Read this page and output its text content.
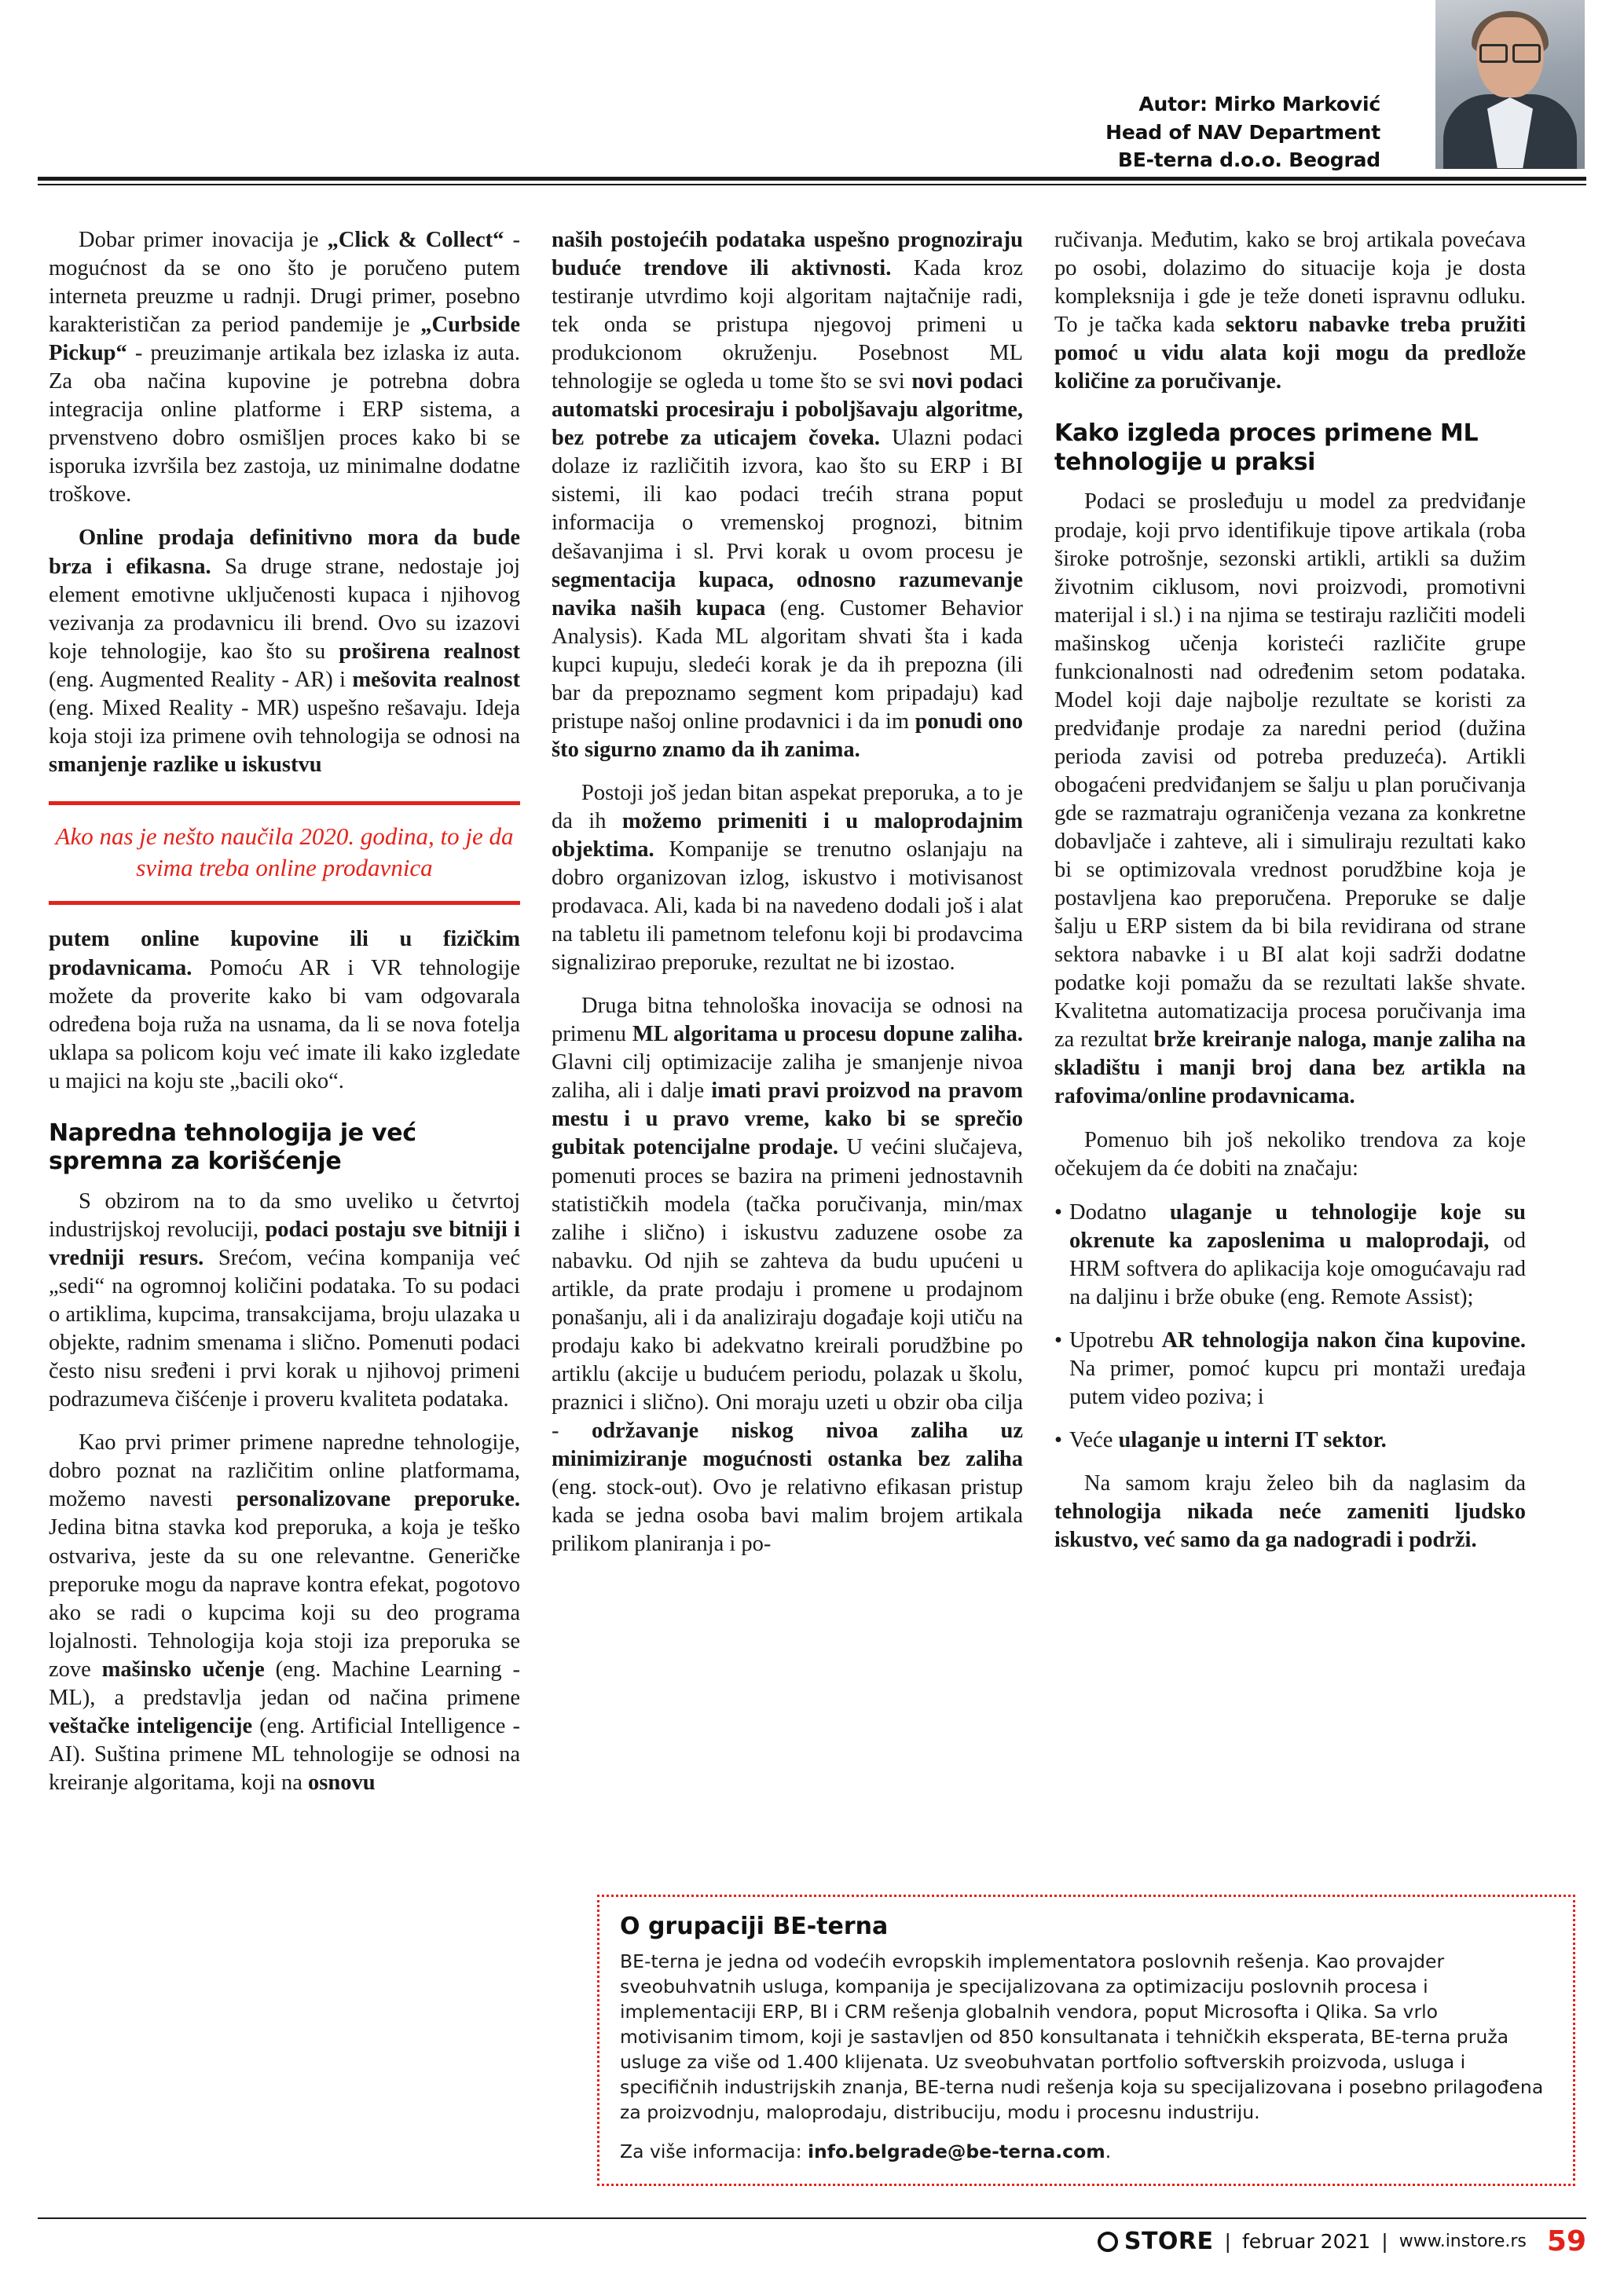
Autor: Mirko Marković
Head of NAV Department
BE-terna d.o.o. Beograd

Dobar primer inovacija je „Click & Collect“ - mogućnost da se ono što je poručeno putem interneta preuzme u radnji. Drugi primer, posebno karakterističan za period pandemije je „Curbside Pickup“ - preuzimanje artikala bez izlaska iz auta. Za oba načina kupovine je potrebna dobra integracija online platforme i ERP sistema, a prvenstveno dobro osmišljen proces kako bi se isporuka izvršila bez zastoja, uz minimalne dodatne troškove.

Online prodaja definitivno mora da bude brza i efikasna. Sa druge strane, nedostaje joj element emotivne uključenosti kupaca i njihovog vezivanja za prodavnicu ili brend. Ovo su izazovi koje tehnologije, kao što su proširena realnost (eng. Augmented Reality - AR) i mešovita realnost (eng. Mixed Reality - MR) uspešno rešavaju. Ideja koja stoji iza primene ovih tehnologija se odnosi na smanjenje razlike u iskustvu

Ako nas je nešto naučila 2020. godina, to je da svima treba online prodavnica

putem online kupovine ili u fizičkim prodavnicama. Pomoću AR i VR tehnologije možete da proverite kako bi vam odgovarala određena boja ruža na usnama, da li se nova fotelja uklapa sa policom koju već imate ili kako izgledate u majici na koju ste „bacili oko“.

Napredna tehnologija je već spremna za korišćenje

S obzirom na to da smo uveliko u četvrtoj industrijskoj revoluciji, podaci postaju sve bitniji i vredniji resurs. Srećom, većina kompanija već „sedi“ na ogromnoj količini podataka. To su podaci o artiklima, kupcima, transakcijama, broju ulazaka u objekte, radnim smenama i slično. Pomenuti podaci često nisu sređeni i prvi korak u njihovoj primeni podrazumeva čišćenje i proveru kvaliteta podataka.

Kao prvi primer primene napredne tehnologije, dobro poznat na različitim online platformama, možemo navesti personalizovane preporuke. Jedina bitna stavka kod preporuka, a koja je teško ostvariva, jeste da su one relevantne. Generičke preporuke mogu da naprave kontra efekat, pogotovo ako se radi o kupcima koji su deo programa lojalnosti. Tehnologija koja stoji iza preporuka se zove mašinsko učenje (eng. Machine Learning - ML), a predstavlja jedan od načina primene veštačke inteligencije (eng. Artificial Intelligence - AI). Suština primene ML tehnologije se odnosi na kreiranje algoritama, koji na osnovu

naših postojećih podataka uspešno prognoziraju buduće trendove ili aktivnosti. Kada kroz testiranje utvrdimo koji algoritam najtačnije radi, tek onda se pristupa njegovoj primeni u produkcionom okruženju. Posebnost ML tehnologije se ogleda u tome što se svi novi podaci automatski procesiraju i poboljšavaju algoritme, bez potrebe za uticajem čoveka. Ulazni podaci dolaze iz različitih izvora, kao što su ERP i BI sistemi, ili kao podaci trećih strana poput informacija o vremenskoj prognozi, bitnim dešavanjima i sl. Prvi korak u ovom procesu je segmentacija kupaca, odnosno razumevanje navika naših kupaca (eng. Customer Behavior Analysis). Kada ML algoritam shvati šta i kada kupci kupuju, sledeći korak je da ih prepozna (ili bar da prepoznamo segment kom pripadaju) kad pristupe našoj online prodavnici i da im ponudi ono što sigurno znamo da ih zanima.

Postoji još jedan bitan aspekat preporuka, a to je da ih možemo primeniti i u maloprodajnim objektima. Kompanije se trenutno oslanjaju na dobro organizovan izlog, iskustvo i motivisanost prodavaca. Ali, kada bi na navedeno dodali još i alat na tabletu ili pametnom telefonu koji bi prodavcima signalizirao preporuke, rezultat ne bi izostao.

Druga bitna tehnološka inovacija se odnosi na primenu ML algoritama u procesu dopune zaliha. Glavni cilj optimizacije zaliha je smanjenje nivoa zaliha, ali i dalje imati pravi proizvod na pravom mestu i u pravo vreme, kako bi se sprečio gubitak potencijalne prodaje. U većini slučajeva, pomenuti proces se bazira na primeni jednostavnih statističkih modela (tačka poručivanja, min/max zalihe i slično) i iskustvu zaduzene osobe za nabavku. Od njih se zahteva da budu upućeni u artikle, da prate prodaju i promene u prodajnom ponašanju, ali i da analiziraju događaje koji utiču na prodaju kako bi adekvatno kreirali porudžbine po artiklu (akcije u budućem periodu, polazak u školu, praznici i slično). Oni moraju uzeti u obzir oba cilja - održavanje niskog nivoa zaliha uz minimiziranje mogućnosti ostanka bez zaliha (eng. stock-out). Ovo je relativno efikasan pristup kada se jedna osoba bavi malim brojem artikala prilikom planiranja i po-

ručivanja. Međutim, kako se broj artikala povećava po osobi, dolazimo do situacije koja je dosta kompleksnija i gde je teže doneti ispravnu odluku. To je tačka kada sektoru nabavke treba pružiti pomoć u vidu alata koji mogu da predlože količine za poručivanje.

Kako izgleda proces primene ML tehnologije u praksi

Podaci se prosleđuju u model za predviđanje prodaje, koji prvo identifikuje tipove artikala (roba široke potrošnje, sezonski artikli, artikli sa dužim životnim ciklusom, novi proizvodi, promotivni materijal i sl.) i na njima se testiraju različiti modeli mašinskog učenja koristeći različite grupe funkcionalnosti nad određenim setom podataka. Model koji daje najbolje rezultate se koristi za predviđanje prodaje za naredni period (dužina perioda zavisi od potreba preduzeća). Artikli obogaćeni predviđanjem se šalju u plan poručivanja gde se razmatraju ograničenja vezana za konkretne dobavljače i zahteve, ali i simuliraju rezultati kako bi se optimizovala vrednost porudžbine koja je postavljena kao preporučena. Preporuke se dalje šalju u ERP sistem da bi bila revidirana od strane sektora nabavke i u BI alat koji sadrži dodatne podatke koji pomažu da se rezultati lakše shvate. Kvalitetna automatizacija procesa poručivanja ima za rezultat brže kreiranje naloga, manje zaliha na skladištu i manji broj dana bez artikla na rafovima/online prodavnicama.

Pomenuo bih još nekoliko trendova za koje očekujem da će dobiti na značaju:

• Dodatno ulaganje u tehnologije koje su okrenute ka zaposlenima u maloprodaji, od HRM softvera do aplikacija koje omogućavaju rad na daljinu i brže obuke (eng. Remote Assist);
• Upotrebu AR tehnologija nakon čina kupovine. Na primer, pomoć kupcu pri montaži uređaja putem video poziva; i
• Veće ulaganje u interni IT sektor.

Na samom kraju želeo bih da naglasim da tehnologija nikada neće zameniti ljudsko iskustvo, već samo da ga nadogradi i podrži.

O grupaciji BE-terna

BE-terna je jedna od vodećih evropskih implementatora poslovnih rešenja. Kao provajder sveobuhvatnih usluga, kompanija je specijalizovana za optimizaciju poslovnih procesa i implementaciji ERP, BI i CRM rešenja globalnih vendora, poput Microsofta i Qlika. Sa vrlo motivisanim timom, koji je sastavljen od 850 konsultanata i tehničkih eksperata, BE-terna pruža usluge za više od 1.400 klijenata. Uz sveobuhvatan portfolio softverskih proizvoda, usluga i specifičnih industrijskih znanja, BE-terna nudi rešenja koja su specijalizovana i posebno prilagođena za proizvodnju, maloprodaju, distribuciju, modu i procesnu industriju.

Za više informacija: info.belgrade@be-terna.com.

STORE | februar 2021 | www.instore.rs 59
